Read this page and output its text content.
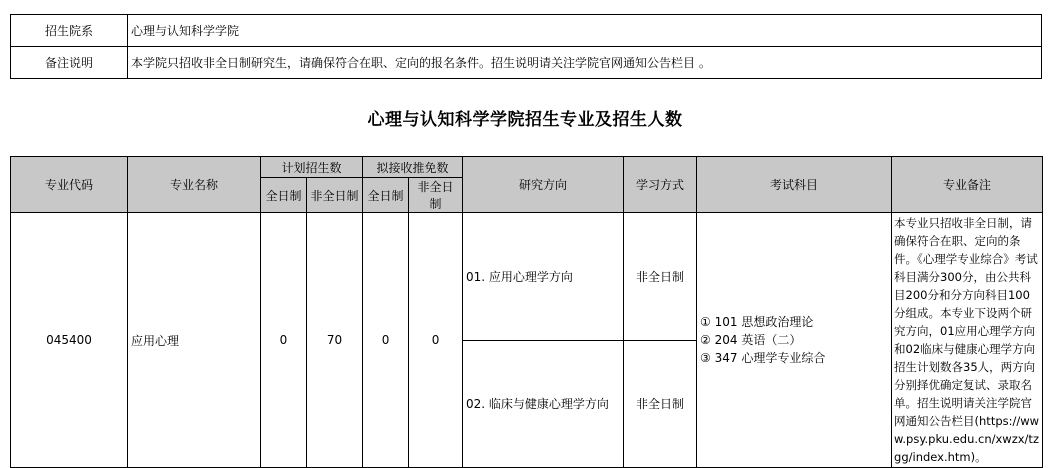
招生院系	心理与认知科学学院
备注说明	本学院只招收非全日制研究生，请确保符合在职、定向的报名条件。招生说明请关注学院官网通知公告栏目 。
心理与认知科学学院招生专业及招生人数
专业代码	专业名称	计划招生数		拟接收推免数		研究方向	学习方式	考试科目	专业备注
		全日制	非全日制	全日制	非全日制				
045400	应用心理	0	70	0	0	01. 应用心理学方向	非全日制	① 101 思想政治理论
② 204 英语（二）
③ 347 心理学专业综合	本专业只招收非全日制，请确保符合在职、定向的条件。《心理学专业综合》考试科目满分300分，由公共科目200分和分方向科目100分组成。本专业下设两个研究方向，01应用心理学方向和02临床与健康心理学方向招生计划数各35人，两方向分别择优确定复试、录取名单。招生说明请关注学院官网通知公告栏目(https://www.psy.pku.edu.cn/xwzx/tzgg/index.htm)。
						02. 临床与健康心理学方向	非全日制		
